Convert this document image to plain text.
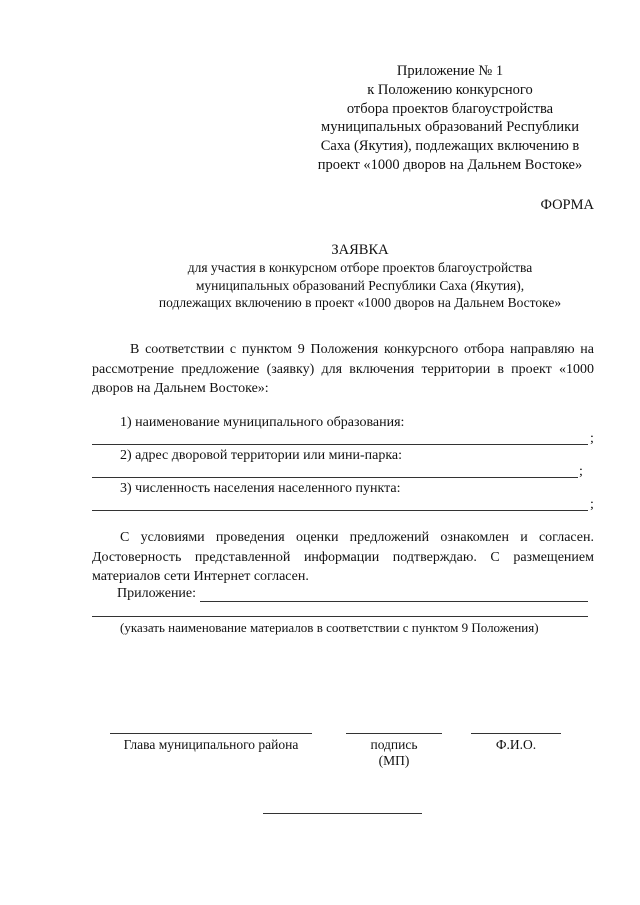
Приложение № 1
к Положению конкурсного
отбора проектов благоустройства
муниципальных образований Республики
Саха (Якутия), подлежащих включению в
проект «1000 дворов на Дальнем Востоке»
ФОРМА
ЗАЯВКА
для участия в конкурсном отборе проектов благоустройства
муниципальных образований Республики Саха (Якутия),
подлежащих включению в проект «1000 дворов на Дальнем Востоке»
В соответствии с пунктом 9 Положения конкурсного отбора направляю на
рассмотрение предложение (заявку) для включения территории в проект «1000
дворов на Дальнем Востоке»:
1) наименование муниципального образования:
;
2) адрес дворовой территории или мини-парка:
;
3) численность населения населенного пункта:
;
С условиями проведения оценки предложений ознакомлен и согласен.
Достоверность представленной информации подтверждаю. С размещением
материалов сети Интернет согласен.
Приложение:
(указать наименование материалов в соответствии с пунктом 9 Положения)
Глава муниципального района	подпись
(МП)
Ф.И.О.
